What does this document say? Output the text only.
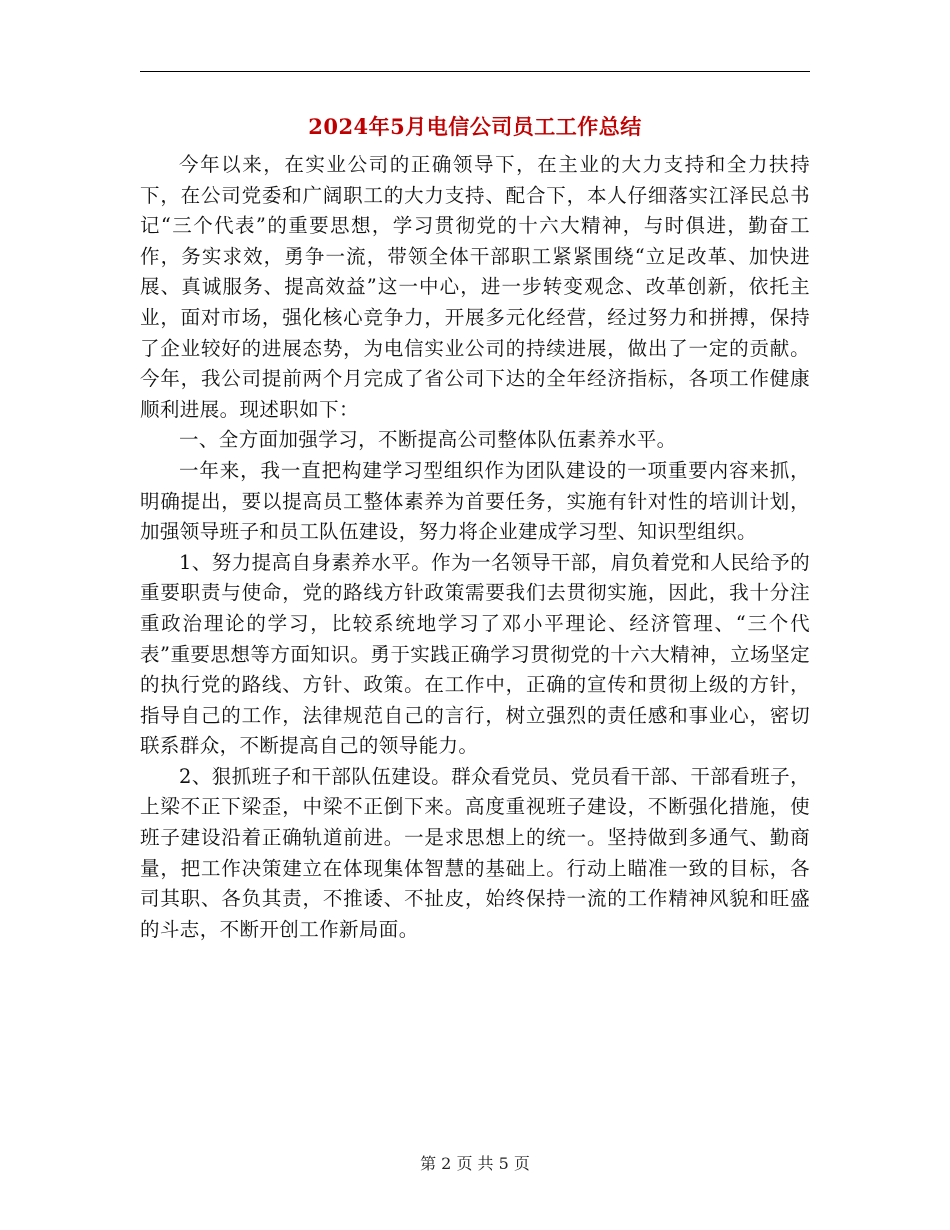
2024年5月电信公司员工工作总结

今年以来，在实业公司的正确领导下，在主业的大力支持和全力扶持下，在公司党委和广阔职工的大力支持、配合下，本人仔细落实江泽民总书记“三个代表”的重要思想，学习贯彻党的十六大精神，与时俱进，勤奋工作，务实求效，勇争一流，带领全体干部职工紧紧围绕“立足改革、加快进展、真诚服务、提高效益”这一中心，进一步转变观念、改革创新，依托主业，面对市场，强化核心竞争力，开展多元化经营，经过努力和拼搏，保持了企业较好的进展态势，为电信实业公司的持续进展，做出了一定的贡献。今年，我公司提前两个月完成了省公司下达的全年经济指标，各项工作健康顺利进展。现述职如下：

一、全方面加强学习，不断提高公司整体队伍素养水平。

一年来，我一直把构建学习型组织作为团队建设的一项重要内容来抓，明确提出，要以提高员工整体素养为首要任务，实施有针对性的培训计划，加强领导班子和员工队伍建设，努力将企业建成学习型、知识型组织。

1、努力提高自身素养水平。作为一名领导干部，肩负着党和人民给予的重要职责与使命，党的路线方针政策需要我们去贯彻实施，因此，我十分注重政治理论的学习，比较系统地学习了邓小平理论、经济管理、“三个代表”重要思想等方面知识。勇于实践正确学习贯彻党的十六大精神，立场坚定的执行党的路线、方针、政策。在工作中，正确的宣传和贯彻上级的方针，指导自己的工作，法律规范自己的言行，树立强烈的责任感和事业心，密切联系群众，不断提高自己的领导能力。

2、狠抓班子和干部队伍建设。群众看党员、党员看干部、干部看班子，上梁不正下梁歪，中梁不正倒下来。高度重视班子建设，不断强化措施，使班子建设沿着正确轨道前进。一是求思想上的统一。坚持做到多通气、勤商量，把工作决策建立在体现集体智慧的基础上。行动上瞄准一致的目标，各司其职、各负其责，不推诿、不扯皮，始终保持一流的工作精神风貌和旺盛的斗志，不断开创工作新局面。

第 2 页 共 5 页
